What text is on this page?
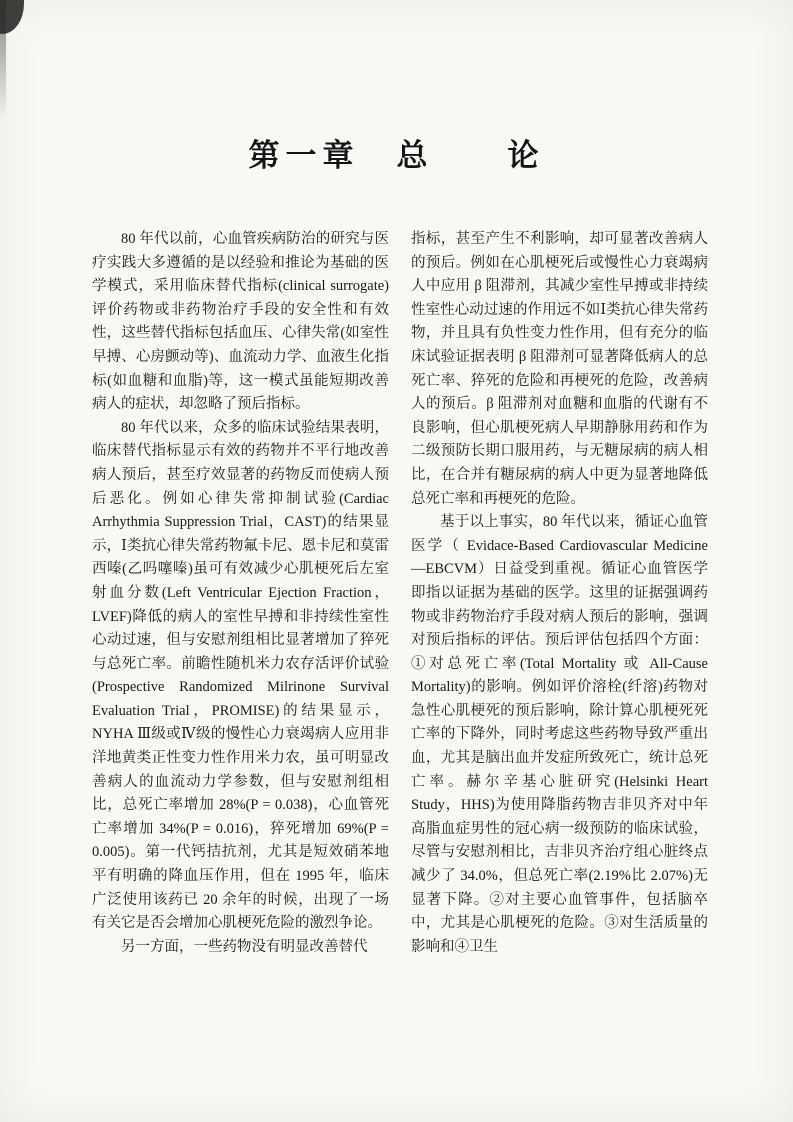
第一章　总　　论

80 年代以前，心血管疾病防治的研究与医疗实践大多遵循的是以经验和推论为基础的医学模式，采用临床替代指标(clinical surrogate)评价药物或非药物治疗手段的安全性和有效性，这些替代指标包括血压、心律失常(如室性早搏、心房颤动等)、血流动力学、血液生化指标(如血糖和血脂)等，这一模式虽能短期改善病人的症状，却忽略了预后指标。

80 年代以来，众多的临床试验结果表明，临床替代指标显示有效的药物并不平行地改善病人预后，甚至疗效显著的药物反而使病人预后恶化。例如心律失常抑制试验(Cardiac Arrhythmia Suppression Trial，CAST)的结果显示，Ⅰ类抗心律失常药物氟卡尼、恩卡尼和莫雷西嗪(乙吗噻嗪)虽可有效减少心肌梗死后左室射血分数(Left Ventricular Ejection Fraction，LVEF)降低的病人的室性早搏和非持续性室性心动过速，但与安慰剂组相比显著增加了猝死与总死亡率。前瞻性随机米力农存活评价试验(Prospective Randomized Milrinone Survival Evaluation Trial，PROMISE)的结果显示，NYHA Ⅲ级或Ⅳ级的慢性心力衰竭病人应用非洋地黄类正性变力性作用米力农，虽可明显改善病人的血流动力学参数，但与安慰剂组相比，总死亡率增加 28%(P = 0.038)，心血管死亡率增加 34%(P = 0.016)，猝死增加 69%(P = 0.005)。第一代钙拮抗剂，尤其是短效硝苯地平有明确的降血压作用，但在 1995 年，临床广泛使用该药已 20 余年的时候，出现了一场有关它是否会增加心肌梗死危险的激烈争论。

另一方面，一些药物没有明显改善替代

指标，甚至产生不利影响，却可显著改善病人的预后。例如在心肌梗死后或慢性心力衰竭病人中应用 β 阻滞剂，其减少室性早搏或非持续性室性心动过速的作用远不如Ⅰ类抗心律失常药物，并且具有负性变力性作用，但有充分的临床试验证据表明 β 阻滞剂可显著降低病人的总死亡率、猝死的危险和再梗死的危险，改善病人的预后。β 阻滞剂对血糖和血脂的代谢有不良影响，但心肌梗死病人早期静脉用药和作为二级预防长期口服用药，与无糖尿病的病人相比，在合并有糖尿病的病人中更为显著地降低总死亡率和再梗死的危险。

基于以上事实，80 年代以来，循证心血管医学（ Evidace-Based Cardiovascular Medicine—EBCVM）日益受到重视。循证心血管医学即指以证据为基础的医学。这里的证据强调药物或非药物治疗手段对病人预后的影响，强调对预后指标的评估。预后评估包括四个方面：①对总死亡率(Total Mortality 或 All-Cause Mortality)的影响。例如评价溶栓(纤溶)药物对急性心肌梗死的预后影响，除计算心肌梗死死亡率的下降外，同时考虑这些药物导致严重出血，尤其是脑出血并发症所致死亡，统计总死亡率。赫尔辛基心脏研究(Helsinki Heart Study，HHS)为使用降脂药物吉非贝齐对中年高脂血症男性的冠心病一级预防的临床试验，尽管与安慰剂相比，吉非贝齐治疗组心脏终点减少了 34.0%，但总死亡率(2.19%比 2.07%)无显著下降。②对主要心血管事件，包括脑卒中，尤其是心肌梗死的危险。③对生活质量的影响和④卫生
